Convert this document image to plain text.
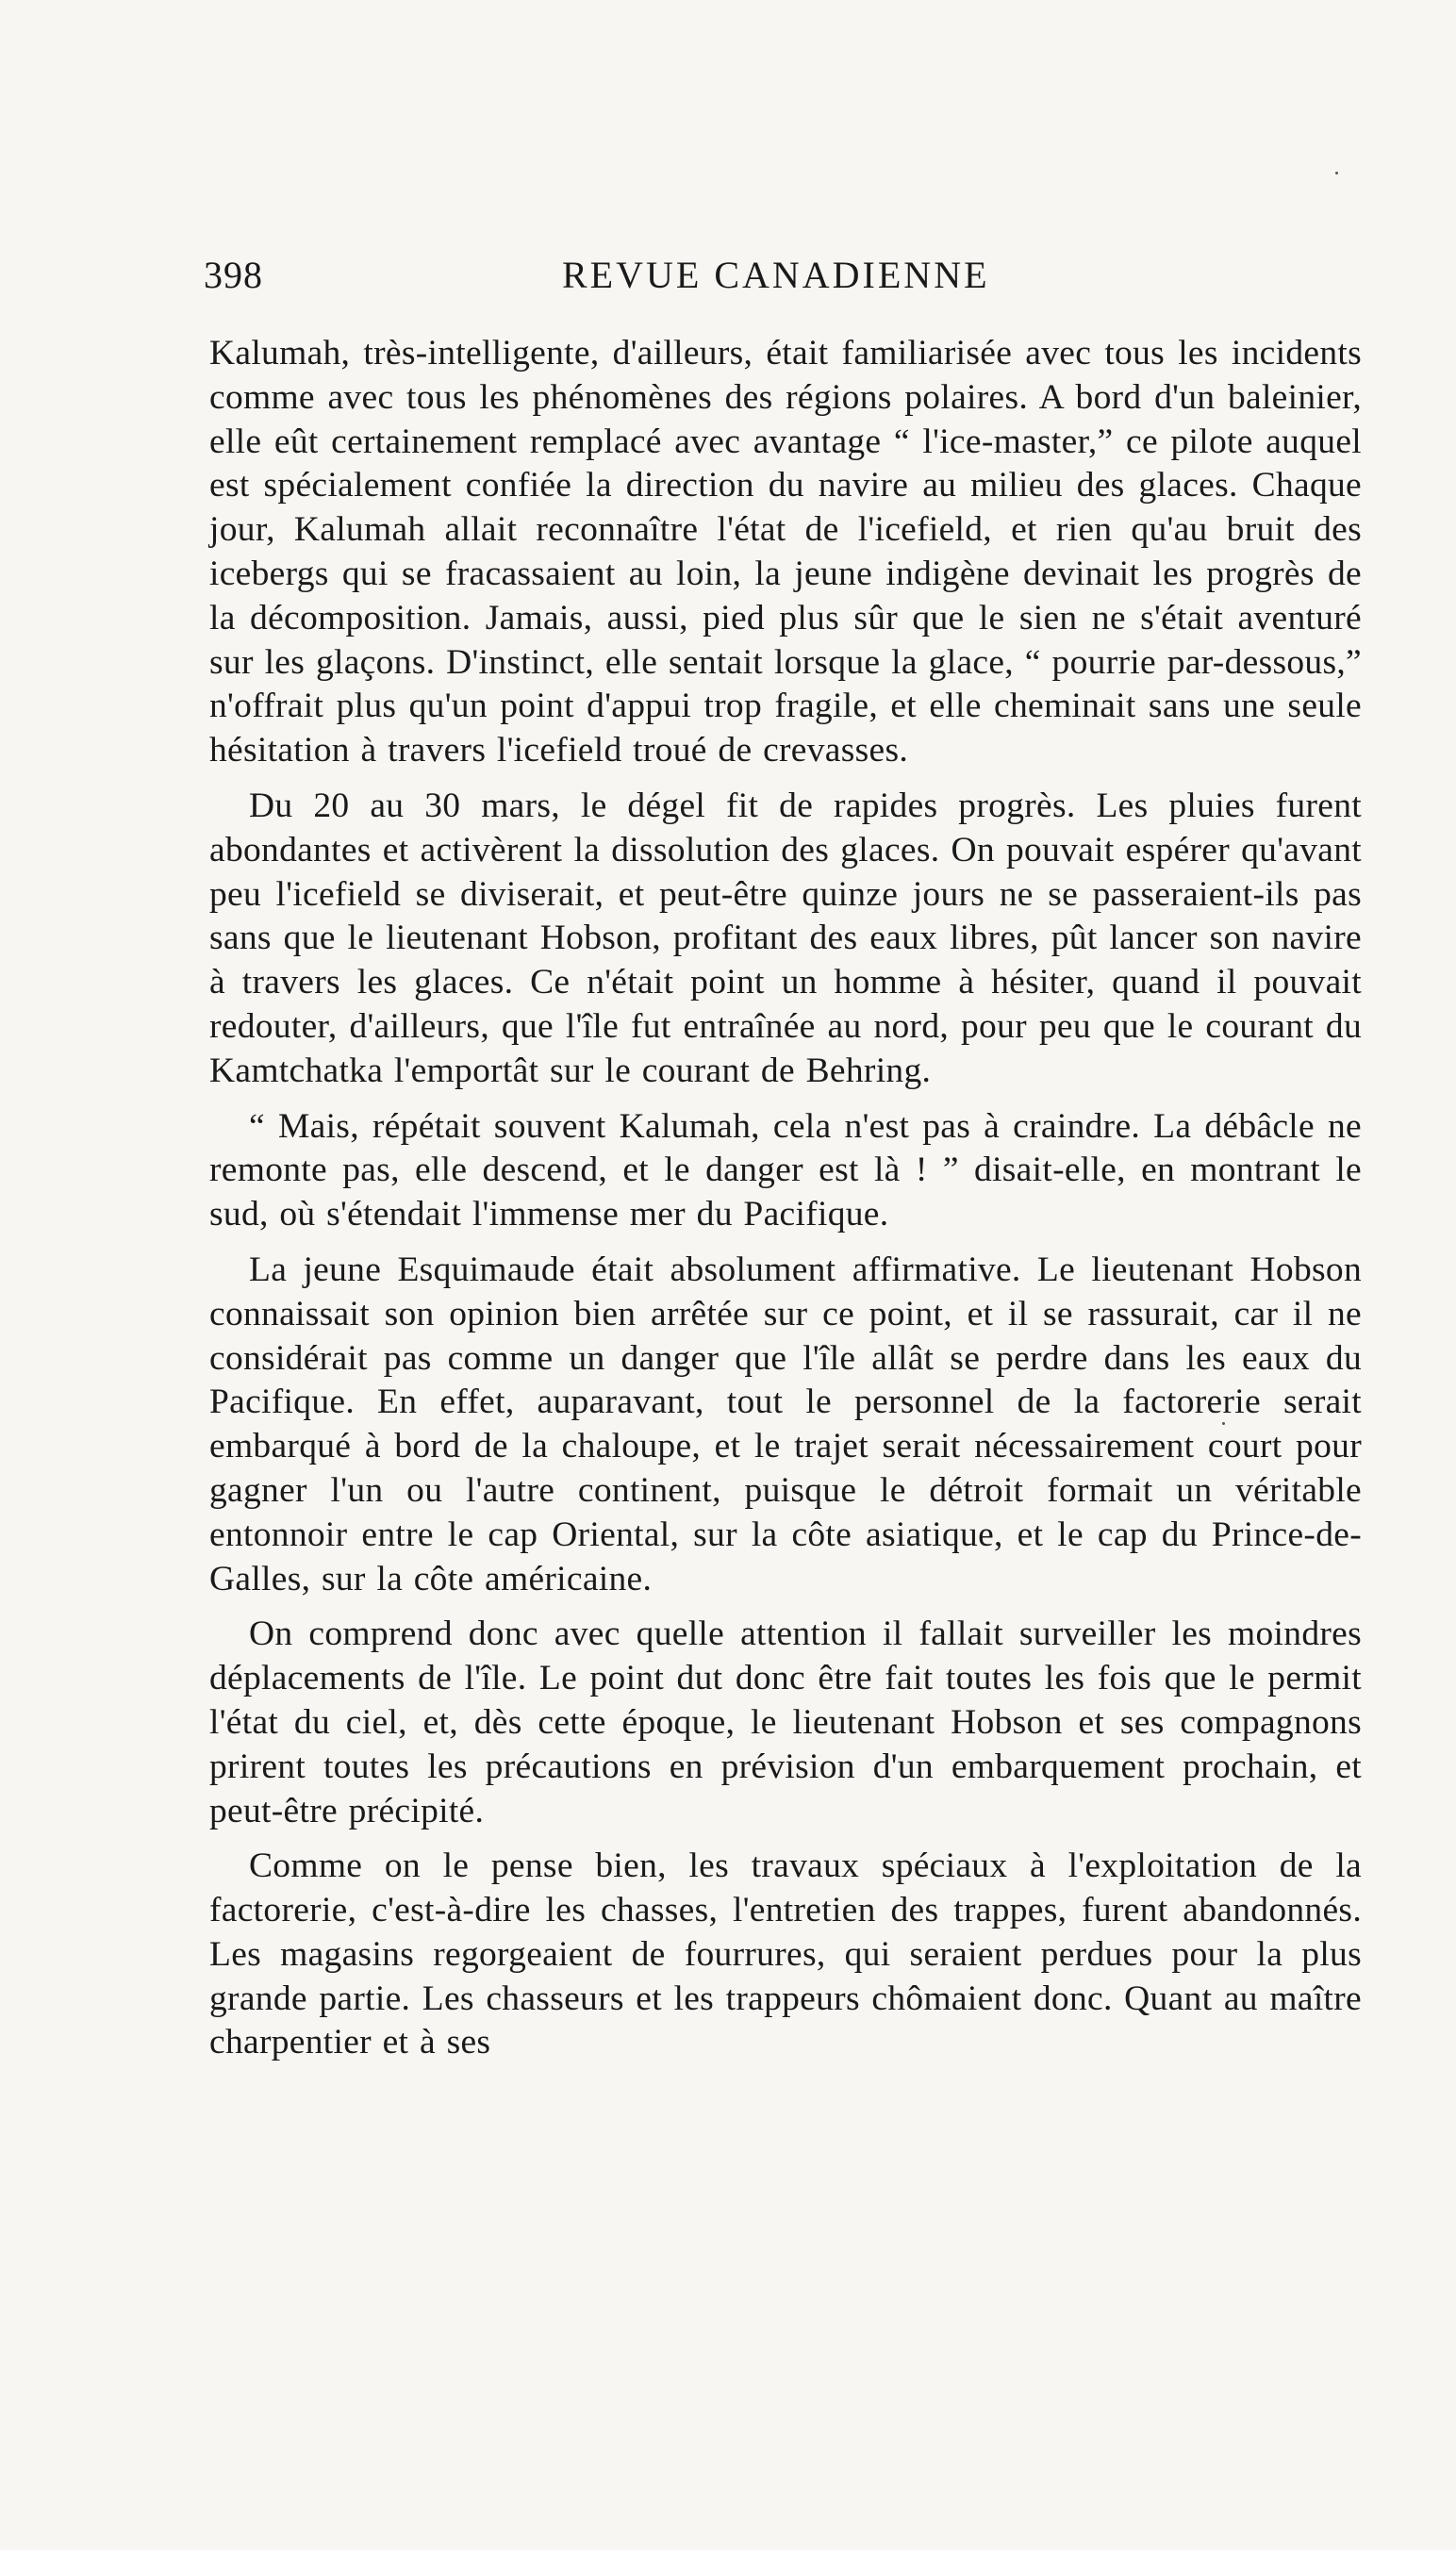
398	REVUE CANADIENNE

Kalumah, très-intelligente, d'ailleurs, était familiarisée avec tous les incidents comme avec tous les phénomènes des régions polaires. A bord d'un baleinier, elle eût certainement remplacé avec avantage “ l'ice-master,” ce pilote auquel est spécialement confiée la direction du navire au milieu des glaces. Chaque jour, Kalumah allait reconnaître l'état de l'icefield, et rien qu'au bruit des icebergs qui se fracassaient au loin, la jeune indigène devinait les progrès de la décomposition. Jamais, aussi, pied plus sûr que le sien ne s'était aventuré sur les glaçons. D'instinct, elle sentait lorsque la glace, “ pourrie par-dessous,” n'offrait plus qu'un point d'appui trop fragile, et elle cheminait sans une seule hésitation à travers l'icefield troué de crevasses.

Du 20 au 30 mars, le dégel fit de rapides progrès. Les pluies furent abondantes et activèrent la dissolution des glaces. On pouvait espérer qu'avant peu l'icefield se diviserait, et peut-être quinze jours ne se passeraient-ils pas sans que le lieutenant Hobson, profitant des eaux libres, pût lancer son navire à travers les glaces. Ce n'était point un homme à hésiter, quand il pouvait redouter, d'ailleurs, que l'île fut entraînée au nord, pour peu que le courant du Kamtchatka l'emportât sur le courant de Behring.

“ Mais, répétait souvent Kalumah, cela n'est pas à craindre. La débâcle ne remonte pas, elle descend, et le danger est là ! ” disait-elle, en montrant le sud, où s'étendait l'immense mer du Pacifique.

La jeune Esquimaude était absolument affirmative. Le lieutenant Hobson connaissait son opinion bien arrêtée sur ce point, et il se rassurait, car il ne considérait pas comme un danger que l'île allât se perdre dans les eaux du Pacifique. En effet, auparavant, tout le personnel de la factorerie serait embarqué à bord de la chaloupe, et le trajet serait nécessairement court pour gagner l'un ou l'autre continent, puisque le détroit formait un véritable entonnoir entre le cap Oriental, sur la côte asiatique, et le cap du Prince-de-Galles, sur la côte américaine.

On comprend donc avec quelle attention il fallait surveiller les moindres déplacements de l'île. Le point dut donc être fait toutes les fois que le permit l'état du ciel, et, dès cette époque, le lieutenant Hobson et ses compagnons prirent toutes les précautions en prévision d'un embarquement prochain, et peut-être précipité.

Comme on le pense bien, les travaux spéciaux à l'exploitation de la factorerie, c'est-à-dire les chasses, l'entretien des trappes, furent abandonnés. Les magasins regorgeaient de fourrures, qui seraient perdues pour la plus grande partie. Les chasseurs et les trappeurs chômaient donc. Quant au maître charpentier et à ses
